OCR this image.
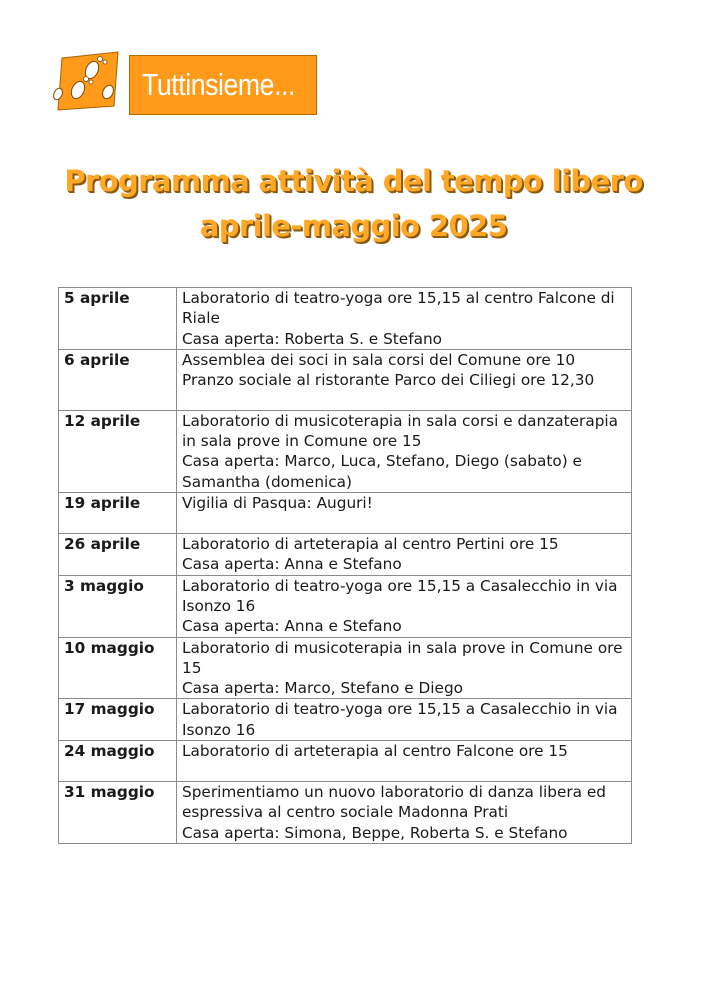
Tuttinsieme...
Programma attività del tempo libero
aprile-maggio 2025
5 aprile	Laboratorio di teatro-yoga ore 15,15 al centro Falcone di Riale
Casa aperta: Roberta S. e Stefano

6 aprile	Assemblea dei soci in sala corsi del Comune ore 10
Pranzo sociale al ristorante Parco dei Ciliegi ore 12,30

12 aprile	Laboratorio di musicoterapia in sala corsi e danzaterapia in sala prove in Comune ore 15
Casa aperta: Marco, Luca, Stefano, Diego (sabato) e Samantha (domenica)

19 aprile	Vigilia di Pasqua: Auguri!

26 aprile	Laboratorio di arteterapia al centro Pertini ore 15
Casa aperta: Anna e Stefano

3 maggio	Laboratorio di teatro-yoga ore 15,15 a Casalecchio in via Isonzo 16
Casa aperta: Anna e Stefano

10 maggio	Laboratorio di musicoterapia in sala prove in Comune ore 15
Casa aperta: Marco, Stefano e Diego

17 maggio	Laboratorio di teatro-yoga ore 15,15 a Casalecchio in via Isonzo 16

24 maggio	Laboratorio di arteterapia al centro Falcone ore 15

31 maggio	Sperimentiamo un nuovo laboratorio di danza libera ed espressiva al centro sociale Madonna Prati
Casa aperta: Simona, Beppe, Roberta S. e Stefano
